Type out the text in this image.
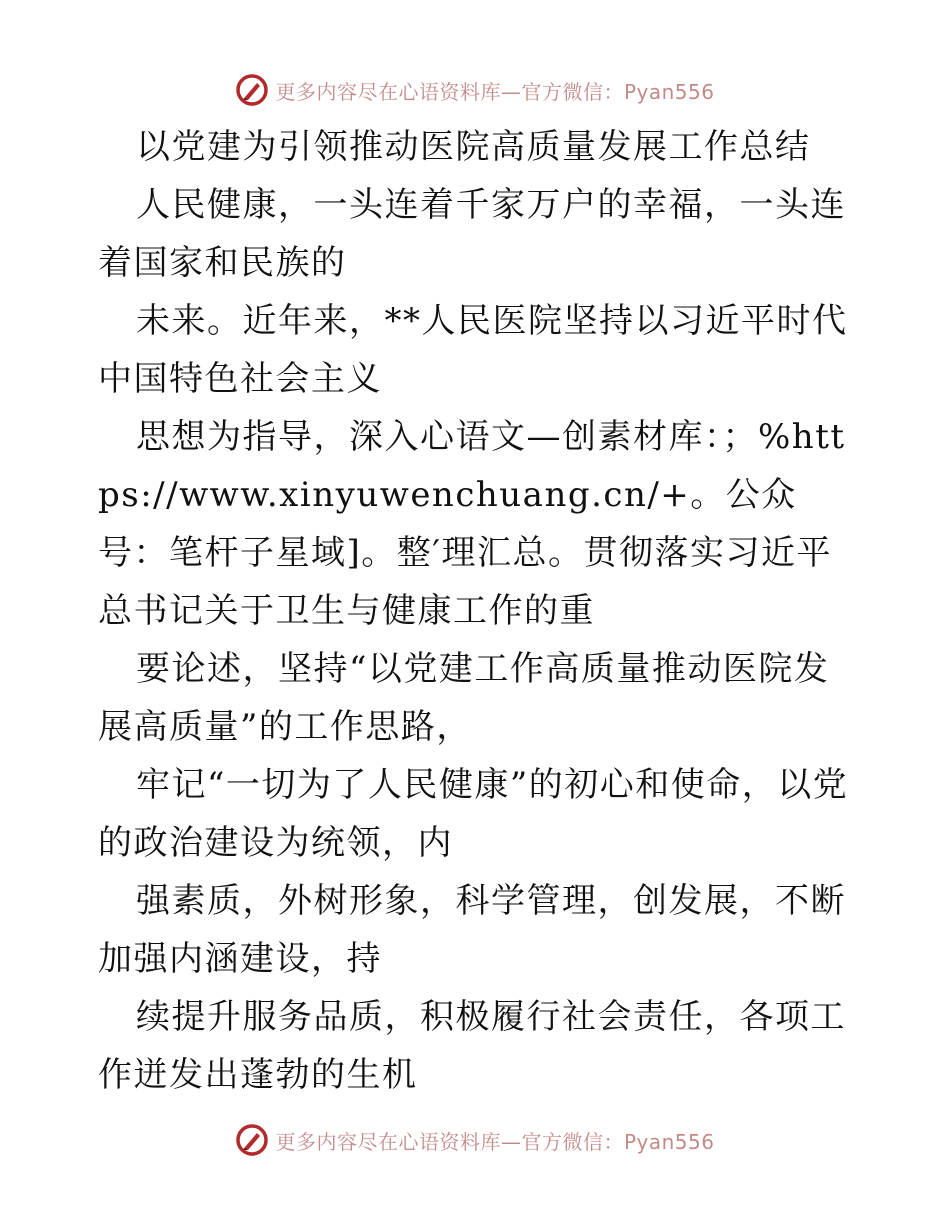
更多内容尽在心语资料库—官方微信：Pyan556

以党建为引领推动医院高质量发展工作总结

人民健康，一头连着千家万户的幸福，一头连着国家和民族的

未来。近年来，**人民医院坚持以习近平时代中国特色社会主义

思想为指导，深入心语文—创素材库：；%https://www.xinyuwenchuang.cn/+。公众号：笔杆子星域]。整′理汇总。贯彻落实习近平总书记关于卫生与健康工作的重

要论述，坚持“以党建工作高质量推动医院发展高质量”的工作思路，

牢记“一切为了人民健康”的初心和使命，以党的政治建设为统领，内

强素质，外树形象，科学管理，创发展，不断加强内涵建设，持

续提升服务品质，积极履行社会责任，各项工作迸发出蓬勃的生机

更多内容尽在心语资料库—官方微信：Pyan556
